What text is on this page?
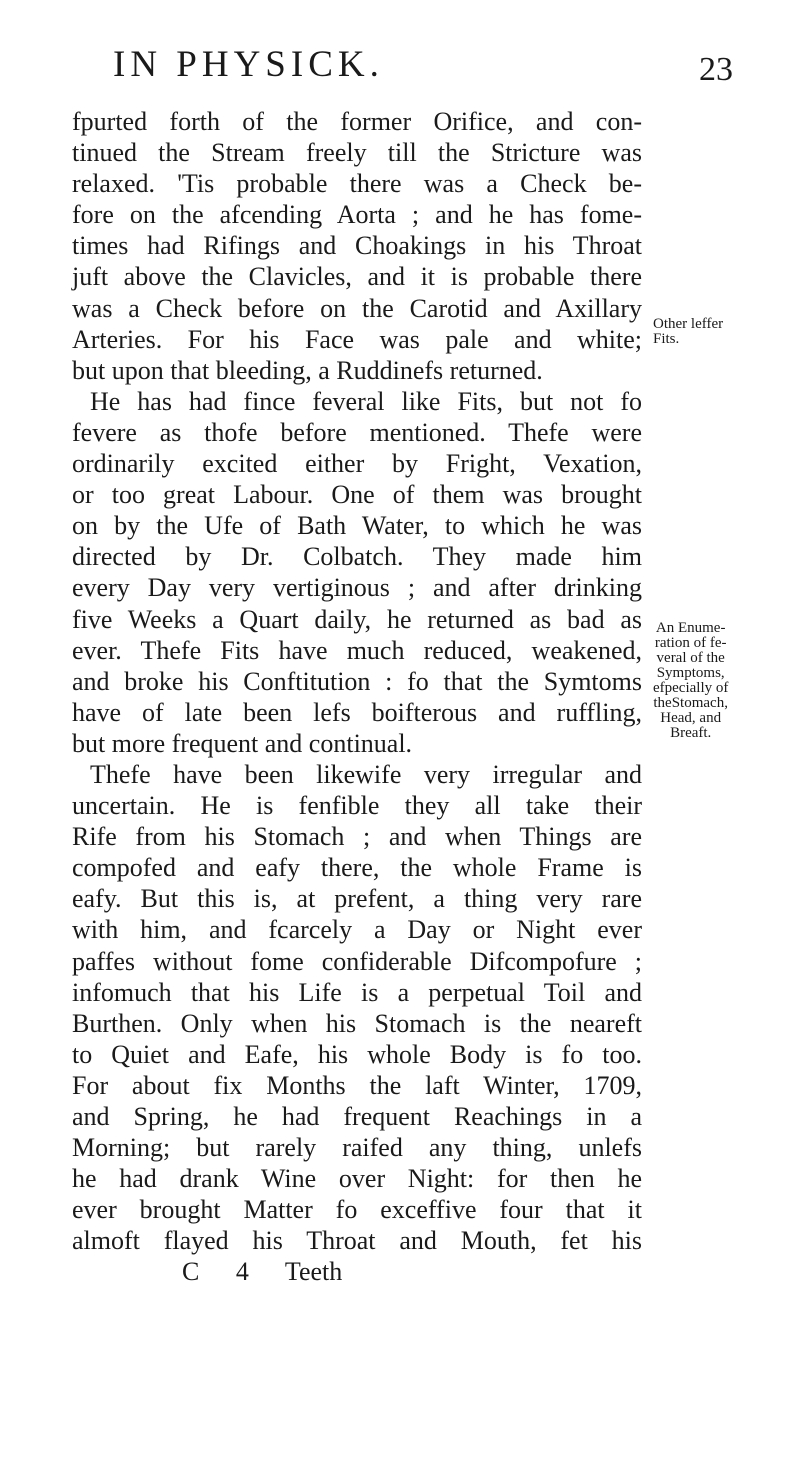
IN PHYSICK.	23
fpurted forth of the former Orifice, and con-
tinued the Stream freely till the Stricture was
relaxed. 'Tis probable there was a Check be-
fore on the afcending Aorta ; and he has fome-
times had Rifings and Choakings in his Throat
juft above the Clavicles, and it is probable there
was a Check before on the Carotid and Axillary
Arteries. For his Face was pale and white;
but upon that bleeding, a Ruddinefs returned.
He has had fince feveral like Fits, but not fo
fevere as thofe before mentioned. Thefe were
ordinarily excited either by Fright, Vexation,
or too great Labour. One of them was brought
on by the Ufe of Bath Water, to which he was
directed by Dr. Colbatch. They made him
every Day very vertiginous ; and after drinking
five Weeks a Quart daily, he returned as bad as
ever. Thefe Fits have much reduced, weakened,
and broke his Conftitution : fo that the Symtoms
have of late been lefs boifterous and ruffling,
but more frequent and continual.
Thefe have been likewife very irregular and
uncertain. He is fenfible they all take their
Rife from his Stomach ; and when Things are
compofed and eafy there, the whole Frame is
eafy. But this is, at prefent, a thing very rare
with him, and fcarcely a Day or Night ever
paffes without fome confiderable Difcompofure ;
infomuch that his Life is a perpetual Toil and
Burthen. Only when his Stomach is the neareft
to Quiet and Eafe, his whole Body is fo too.
For about fix Months the laft Winter, 1709,
and Spring, he had frequent Reachings in a
Morning; but rarely raifed any thing, unlefs
he had drank Wine over Night: for then he
ever brought Matter fo exceffive four that it
almoft flayed his Throat and Mouth, fet his
C 4 Teeth
Other leffer
Fits.
An Enume-
ration of fe-
veral of the
Symptoms,
efpecially of
theStomach,
Head, and
Breaft.
